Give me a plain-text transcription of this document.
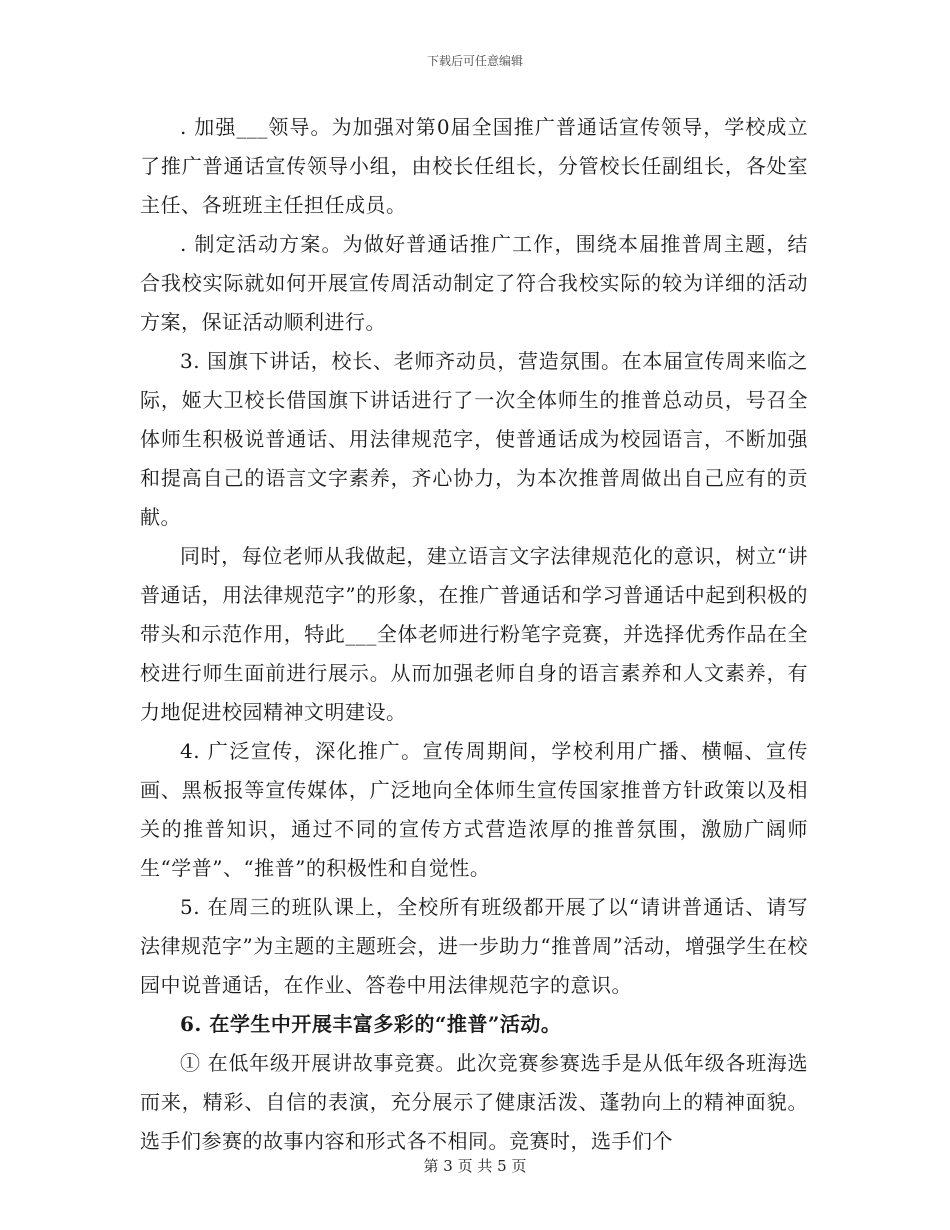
下载后可任意编辑

. 加强___领导。为加强对第0届全国推广普通话宣传领导，学校成立了推广普通话宣传领导小组，由校长任组长，分管校长任副组长，各处室主任、各班班主任担任成员。

. 制定活动方案。为做好普通话推广工作，围绕本届推普周主题，结合我校实际就如何开展宣传周活动制定了符合我校实际的较为详细的活动方案，保证活动顺利进行。

3. 国旗下讲话，校长、老师齐动员，营造氛围。在本届宣传周来临之际，姬大卫校长借国旗下讲话进行了一次全体师生的推普总动员，号召全体师生积极说普通话、用法律规范字，使普通话成为校园语言，不断加强和提高自己的语言文字素养，齐心协力，为本次推普周做出自己应有的贡献。

同时，每位老师从我做起，建立语言文字法律规范化的意识，树立“讲普通话，用法律规范字”的形象，在推广普通话和学习普通话中起到积极的带头和示范作用，特此___全体老师进行粉笔字竞赛，并选择优秀作品在全校进行师生面前进行展示。从而加强老师自身的语言素养和人文素养，有力地促进校园精神文明建设。

4. 广泛宣传，深化推广。宣传周期间，学校利用广播、横幅、宣传画、黑板报等宣传媒体，广泛地向全体师生宣传国家推普方针政策以及相关的推普知识，通过不同的宣传方式营造浓厚的推普氛围，激励广阔师生“学普”、“推普”的积极性和自觉性。

5. 在周三的班队课上，全校所有班级都开展了以“请讲普通话、请写法律规范字”为主题的主题班会，进一步助力“推普周”活动，增强学生在校园中说普通话，在作业、答卷中用法律规范字的意识。

6. 在学生中开展丰富多彩的“推普”活动。

① 在低年级开展讲故事竞赛。此次竞赛参赛选手是从低年级各班海选而来，精彩、自信的表演，充分展示了健康活泼、蓬勃向上的精神面貌。选手们参赛的故事内容和形式各不相同。竞赛时，选手们个

第 3 页 共 5 页
